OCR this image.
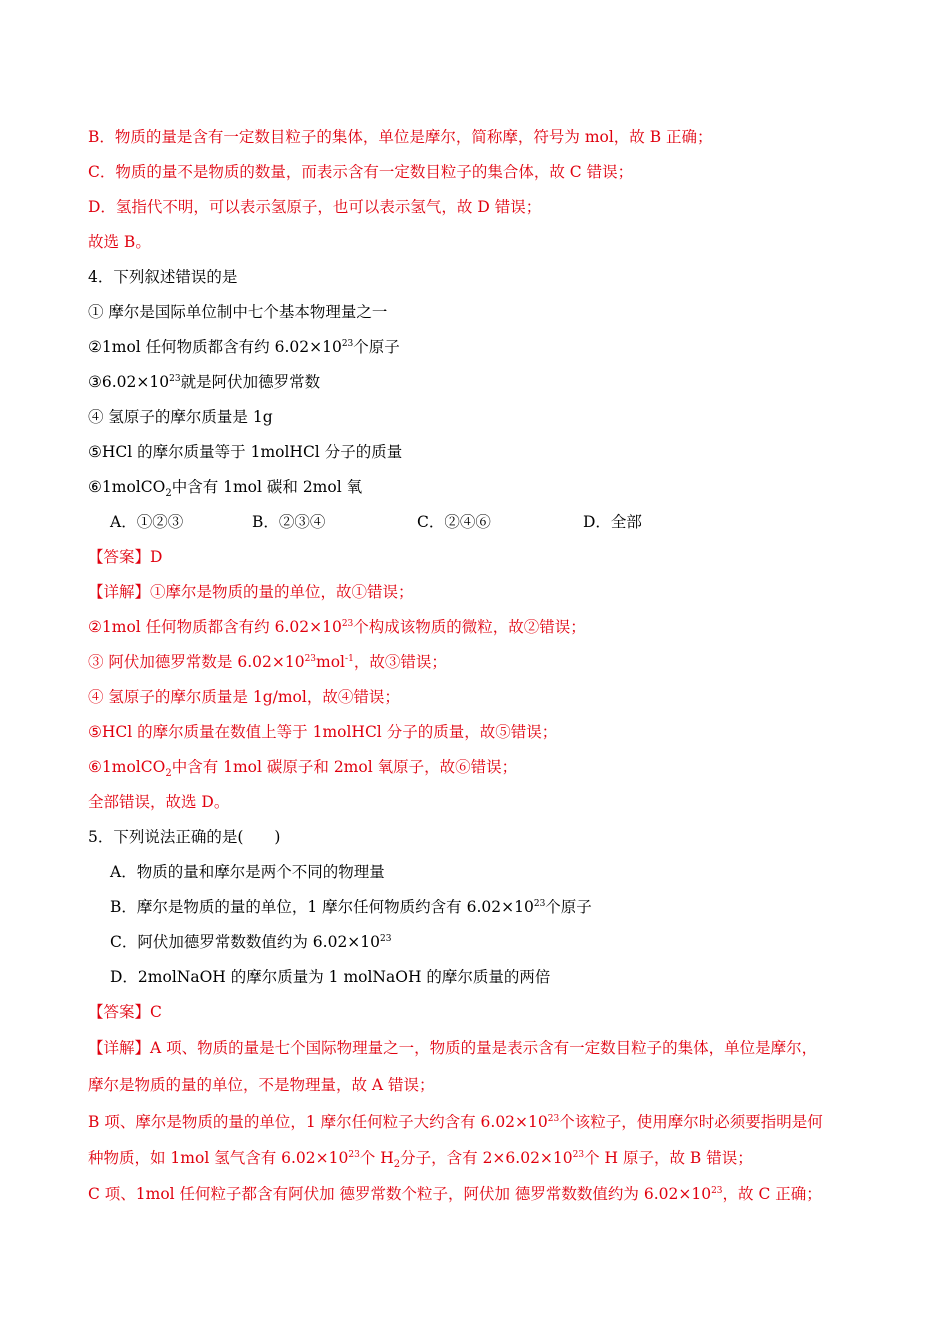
B．物质的量是含有一定数目粒子的集体，单位是摩尔，简称摩，符号为 mol，故 B 正确；
C．物质的量不是物质的数量，而表示含有一定数目粒子的集合体，故 C 错误；
D．氢指代不明，可以表示氢原子，也可以表示氢气，故 D 错误；
故选 B。
4．下列叙述错误的是
① 摩尔是国际单位制中七个基本物理量之一
②1mol 任何物质都含有约 $6.02\times 10^{23}$个原子
$③6.02\times 10^{23}$就是阿伏加德罗常数
④ 氢原子的摩尔质量是 1g
⑤HCl 的摩尔质量等于 1molHCl 分子的质量
⑥1molCO$_2$中含有 1mol 碳和 2mol 氧
A．①②③	B．②③④	C．②④⑥	D．全部
【答案】D
【详解】①摩尔是物质的量的单位，故①错误；
②1mol 任何物质都含有约 $6.02\times 10^{23}$个构成该物质的微粒，故②错误；
③ 阿伏加德罗常数是 $6.02\times 10^{23}mol^{-1}$，故③错误；
④ 氢原子的摩尔质量是 1g/mol，故④错误；
⑤HCl 的摩尔质量在数值上等于 1molHCl 分子的质量，故⑤错误；
⑥1molCO$_2$中含有 1mol 碳原子和 2mol 氧原子，故⑥错误；
全部错误，故选 D。
5．下列说法正确的是(　　)
A．物质的量和摩尔是两个不同的物理量
B．摩尔是物质的量的单位，1 摩尔任何物质约含有 $6.02\times 10^{23}$个原子
C．阿伏加德罗常数数值约为 $6.02\times 10^{23}$
D．2molNaOH 的摩尔质量为 1 molNaOH 的摩尔质量的两倍
【答案】C
【详解】A 项、物质的量是七个国际物理量之一，物质的量是表示含有一定数目粒子的集体，单位是摩尔，
摩尔是物质的量的单位，不是物理量，故 A 错误；
B 项、摩尔是物质的量的单位，1 摩尔任何粒子大约含有 $6.02\times 10^{23}$个该粒子，使用摩尔时必须要指明是何
种物质，如 1mol 氢气含有 $6.02\times 10^{23}$个 $H_2$分子，含有 $2\times 6.02\times 10^{23}$个 H 原子，故 B 错误；
C 项、1mol 任何粒子都含有阿伏加 德罗常数个粒子，阿伏加 德罗常数数值约为 $6.02\times 10^{23}$，故 C 正确；
